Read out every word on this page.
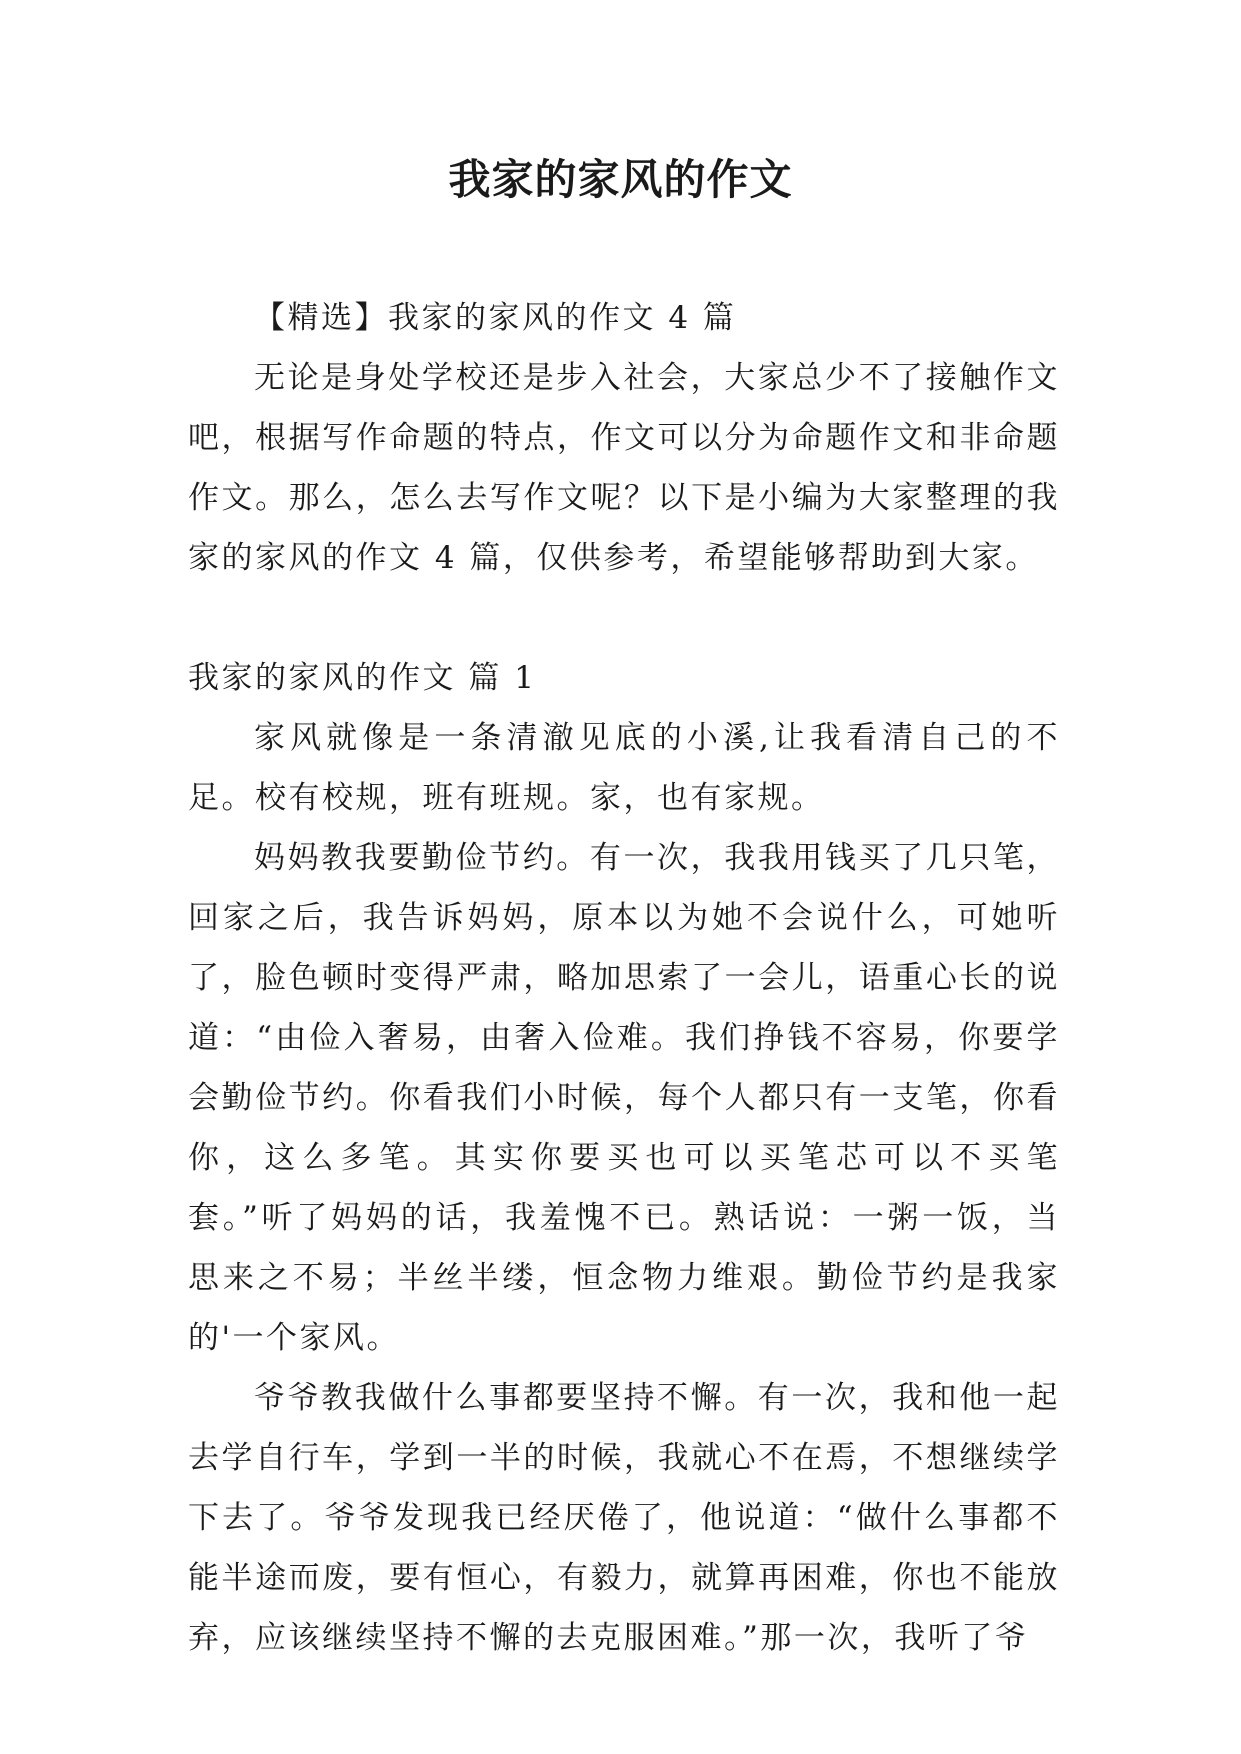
我家的家风的作文

【精选】我家的家风的作文 4 篇

无论是身处学校还是步入社会，大家总少不了接触作文吧，根据写作命题的特点，作文可以分为命题作文和非命题作文。那么，怎么去写作文呢？以下是小编为大家整理的我家的家风的作文 4 篇，仅供参考，希望能够帮助到大家。

我家的家风的作文 篇 1

家风就像是一条清澈见底的小溪,让我看清自己的不足。校有校规，班有班规。家，也有家规。

妈妈教我要勤俭节约。有一次，我我用钱买了几只笔，回家之后，我告诉妈妈，原本以为她不会说什么，可她听了，脸色顿时变得严肃，略加思索了一会儿，语重心长的说道：“由俭入奢易，由奢入俭难。我们挣钱不容易，你要学会勤俭节约。你看我们小时候，每个人都只有一支笔，你看你，这么多笔。其实你要买也可以买笔芯可以不买笔套。”听了妈妈的话，我羞愧不已。熟话说：一粥一饭，当思来之不易；半丝半缕，恒念物力维艰。勤俭节约是我家的'一个家风。

爷爷教我做什么事都要坚持不懈。有一次，我和他一起去学自行车，学到一半的时候，我就心不在焉，不想继续学下去了。爷爷发现我已经厌倦了，他说道：“做什么事都不能半途而废，要有恒心，有毅力，就算再困难，你也不能放弃，应该继续坚持不懈的去克服困难。”那一次，我听了爷
